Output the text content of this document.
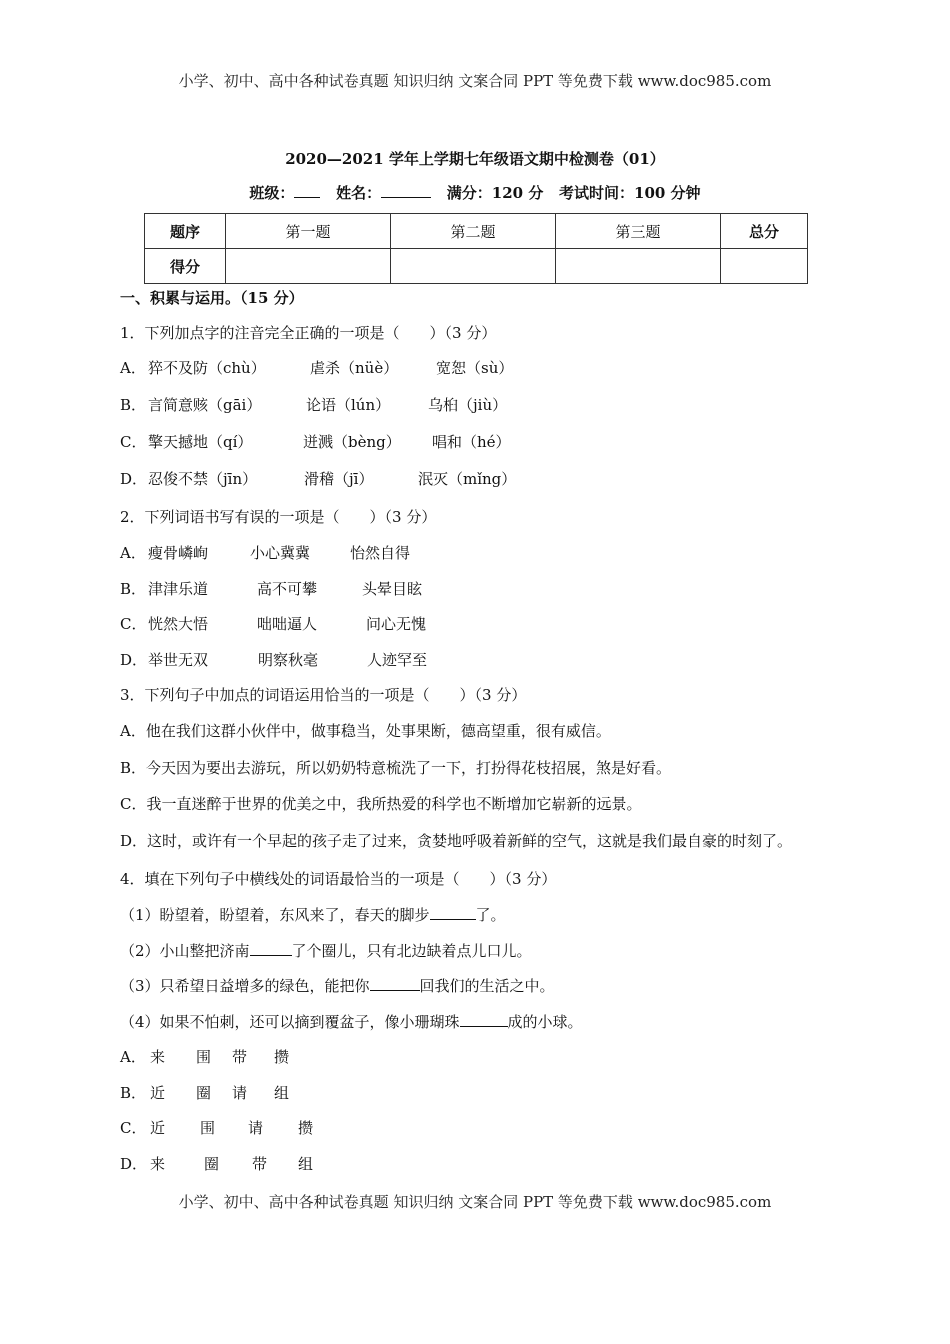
小学、初中、高中各种试卷真题 知识归纳 文案合同 PPT 等免费下载 www.doc985.com
2020—2021 学年上学期七年级语文期中检测卷（01）
班级：	姓名：	满分：120 分 考试时间：100 分钟
题序	第一题	第二题	第三题	总分
得分				
一、积累与运用。（15 分）
1．下列加点字的注音完全正确的一项是（　　）（3 分）
A． 猝不及防（chù）	虐杀（nüè）	宽恕（sù）
B． 言简意赅（gāi）	论语（lún）	乌桕（jiù）
C． 擎天撼地（qí）	迸溅（bèng） 唱和（hé）
D． 忍俊不禁（jīn）	滑稽（jī）	泯灭（mǐng）
2．下列词语书写有误的一项是（　　）（3 分）
A． 瘦骨嶙峋	小心冀冀	怡然自得
B． 津津乐道	高不可攀	头晕目眩
C． 恍然大悟	咄咄逼人	问心无愧
D． 举世无双	明察秋毫	人迹罕至
3．下列句子中加点的词语运用恰当的一项是（　　）（3 分）
A．他在我们这群小伙伴中，做事稳当，处事果断，德高望重，很有威信。
B．今天因为要出去游玩，所以奶奶特意梳洗了一下，打扮得花枝招展，煞是好看。
C．我一直迷醉于世界的优美之中，我所热爱的科学也不断增加它崭新的远景。
D．这时，或许有一个早起的孩子走了过来，贪婪地呼吸着新鲜的空气，这就是我们最自豪的时刻了。
4．填在下列句子中横线处的词语最恰当的一项是（　　）（3 分）
（1）盼望着，盼望着，东风来了，春天的脚步	了。
（2）小山整把济南	了个圈儿，只有北边缺着点儿口儿。
（3）只希望日益增多的绿色，能把你	回我们的生活之中。
（4）如果不怕刺，还可以摘到覆盆子，像小珊瑚珠	成的小球。
A． 来 围 带 攒
B． 近 圈 请 组
C． 近 围 请 攒
D． 来	圈 带 组
小学、初中、高中各种试卷真题 知识归纳 文案合同 PPT 等免费下载 www.doc985.com
